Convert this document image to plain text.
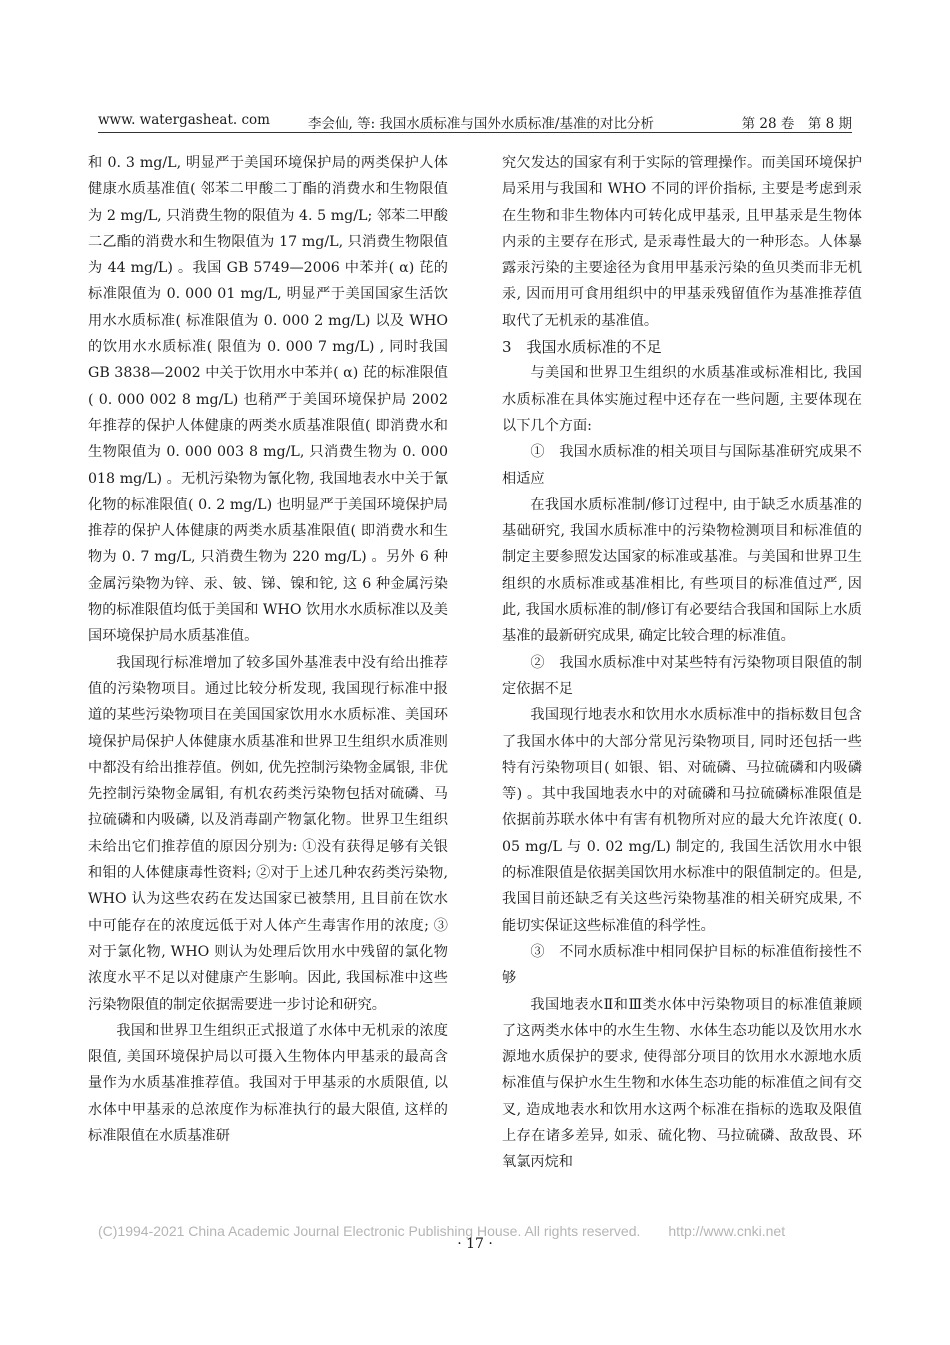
www. watergasheat. com	李会仙, 等: 我国水质标准与国外水质标准/基准的对比分析	第 28 卷　第 8 期

和 0. 3 mg/L, 明显严于美国环境保护局的两类保护人体健康水质基准值( 邻苯二甲酸二丁酯的消费水和生物限值为 2 mg/L, 只消费生物的限值为 4. 5 mg/L; 邻苯二甲酸二乙酯的消费水和生物限值为 17 mg/L, 只消费生物限值为 44 mg/L) 。我国 GB 5749—2006 中苯并( α) 芘的标准限值为 0. 000 01 mg/L, 明显严于美国国家生活饮用水水质标准( 标准限值为 0. 000 2 mg/L) 以及 WHO 的饮用水水质标准( 限值为 0. 000 7 mg/L) , 同时我国 GB 3838—2002 中关于饮用水中苯并( α) 芘的标准限值( 0. 000 002 8 mg/L) 也稍严于美国环境保护局 2002 年推荐的保护人体健康的两类水质基准限值( 即消费水和生物限值为 0. 000 003 8 mg/L, 只消费生物为 0. 000 018 mg/L) 。无机污染物为氰化物, 我国地表水中关于氰化物的标准限值( 0. 2 mg/L) 也明显严于美国环境保护局推荐的保护人体健康的两类水质基准限值( 即消费水和生物为 0. 7 mg/L, 只消费生物为 220 mg/L) 。另外 6 种金属污染物为锌、汞、铍、锑、镍和铊, 这 6 种金属污染物的标准限值均低于美国和 WHO 饮用水水质标准以及美国环境保护局水质基准值。

我国现行标准增加了较多国外基准表中没有给出推荐值的污染物项目。通过比较分析发现, 我国现行标准中报道的某些污染物项目在美国国家饮用水水质标准、美国环境保护局保护人体健康水质基准和世界卫生组织水质准则中都没有给出推荐值。例如, 优先控制污染物金属银, 非优先控制污染物金属钼, 有机农药类污染物包括对硫磷、马拉硫磷和内吸磷, 以及消毒副产物氯化物。世界卫生组织未给出它们推荐值的原因分别为: ①没有获得足够有关银和钼的人体健康毒性资料; ②对于上述几种农药类污染物, WHO 认为这些农药在发达国家已被禁用, 且目前在饮水中可能存在的浓度远低于对人体产生毒害作用的浓度; ③对于氯化物, WHO 则认为处理后饮用水中残留的氯化物浓度水平不足以对健康产生影响。因此, 我国标准中这些污染物限值的制定依据需要进一步讨论和研究。

我国和世界卫生组织正式报道了水体中无机汞的浓度限值, 美国环境保护局以可摄入生物体内甲基汞的最高含量作为水质基准推荐值。我国对于甲基汞的水质限值, 以水体中甲基汞的总浓度作为标准执行的最大限值, 这样的标准限值在水质基准研

究欠发达的国家有利于实际的管理操作。而美国环境保护局采用与我国和 WHO 不同的评价指标, 主要是考虑到汞在生物和非生物体内可转化成甲基汞, 且甲基汞是生物体内汞的主要存在形式, 是汞毒性最大的一种形态。人体暴露汞污染的主要途径为食用甲基汞污染的鱼贝类而非无机汞, 因而用可食用组织中的甲基汞残留值作为基准推荐值取代了无机汞的基准值。

3　我国水质标准的不足

与美国和世界卫生组织的水质基准或标准相比, 我国水质标准在具体实施过程中还存在一些问题, 主要体现在以下几个方面:

①　我国水质标准的相关项目与国际基准研究成果不相适应

在我国水质标准制/修订过程中, 由于缺乏水质基准的基础研究, 我国水质标准中的污染物检测项目和标准值的制定主要参照发达国家的标准或基准。与美国和世界卫生组织的水质标准或基准相比, 有些项目的标准值过严, 因此, 我国水质标准的制/修订有必要结合我国和国际上水质基准的最新研究成果, 确定比较合理的标准值。

②　我国水质标准中对某些特有污染物项目限值的制定依据不足

我国现行地表水和饮用水水质标准中的指标数目包含了我国水体中的大部分常见污染物项目, 同时还包括一些特有污染物项目( 如银、铝、对硫磷、马拉硫磷和内吸磷等) 。其中我国地表水中的对硫磷和马拉硫磷标准限值是依据前苏联水体中有害有机物所对应的最大允许浓度( 0. 05 mg/L 与 0. 02 mg/L) 制定的, 我国生活饮用水中银的标准限值是依据美国饮用水标准中的限值制定的。但是, 我国目前还缺乏有关这些污染物基准的相关研究成果, 不能切实保证这些标准值的科学性。

③　不同水质标准中相同保护目标的标准值衔接性不够

我国地表水Ⅱ和Ⅲ类水体中污染物项目的标准值兼顾了这两类水体中的水生生物、水体生态功能以及饮用水水源地水质保护的要求, 使得部分项目的饮用水水源地水质标准值与保护水生生物和水体生态功能的标准值之间有交叉, 造成地表水和饮用水这两个标准在指标的选取及限值上存在诸多差异, 如汞、硫化物、马拉硫磷、敌敌畏、环氧氯丙烷和

(C)1994-2021 China Academic Journal Electronic Publishing House. All rights reserved.　　http://www.cnki.net
· 17 ·
